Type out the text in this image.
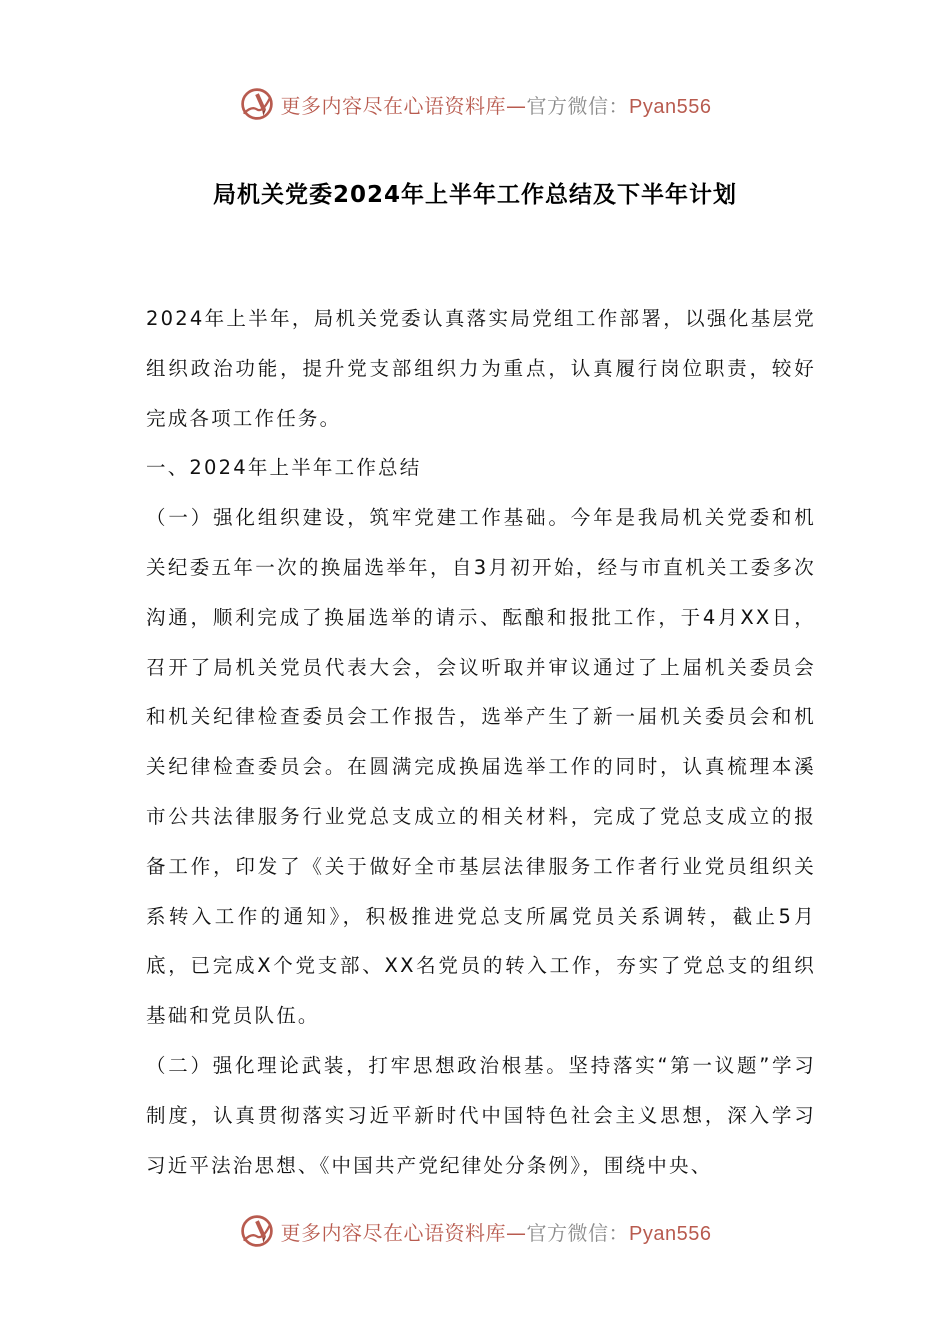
更多内容尽在心语资料库—官方微信：Pyan556
局机关党委2024年上半年工作总结及下半年计划

2024年上半年，局机关党委认真落实局党组工作部署，以强化基层党组织政治功能，提升党支部组织力为重点，认真履行岗位职责，较好完成各项工作任务。

一、2024年上半年工作总结

（一）强化组织建设，筑牢党建工作基础。今年是我局机关党委和机关纪委五年一次的换届选举年，自3月初开始，经与市直机关工委多次沟通，顺利完成了换届选举的请示、酝酿和报批工作，于4月XX日，召开了局机关党员代表大会，会议听取并审议通过了上届机关委员会和机关纪律检查委员会工作报告，选举产生了新一届机关委员会和机关纪律检查委员会。在圆满完成换届选举工作的同时，认真梳理本溪市公共法律服务行业党总支成立的相关材料，完成了党总支成立的报备工作，印发了《关于做好全市基层法律服务工作者行业党员组织关系转入工作的通知》，积极推进党总支所属党员关系调转，截止5月底，已完成X个党支部、XX名党员的转入工作，夯实了党总支的组织基础和党员队伍。

（二）强化理论武装，打牢思想政治根基。坚持落实“第一议题”学习制度，认真贯彻落实习近平新时代中国特色社会主义思想，深入学习习近平法治思想、《中国共产党纪律处分条例》，围绕中央、

更多内容尽在心语资料库—官方微信：Pyan556
